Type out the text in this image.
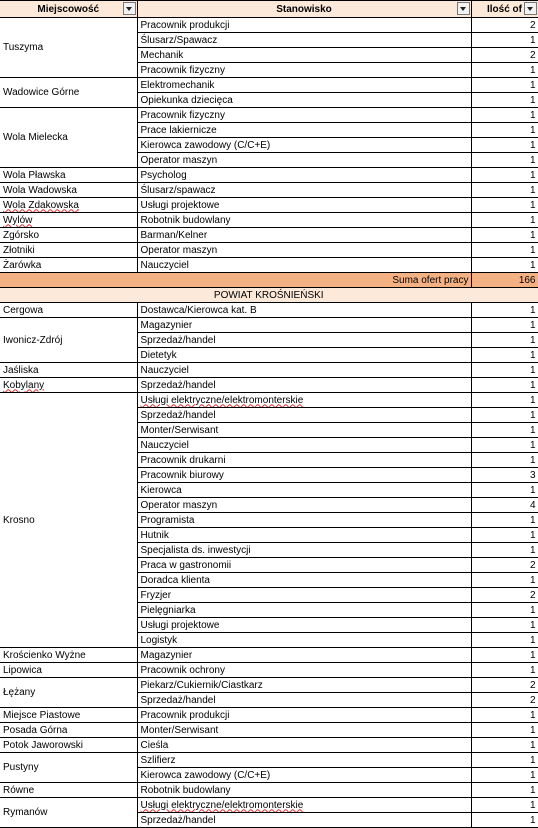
Miejscowość	Stanowisko	Ilość of

Tuszyma	Pracownik produkcji	2
	Ślusarz/Spawacz	1
	Mechanik	2
	Pracownik fizyczny	1
Wadowice Górne	Elektromechanik	1
	Opiekunka dziecięca	1
Wola Mielecka	Pracownik fizyczny	1
	Prace lakiernicze	1
	Kierowca zawodowy (C/C+E)	1
	Operator maszyn	1
Wola Pławska	Psycholog	1
Wola Wadowska	Ślusarz/spawacz	1
Wola Zdakowska	Usługi projektowe	1
Wylów	Robotnik budowlany	1
Zgórsko	Barman/Kelner	1
Złotniki	Operator maszyn	1
Żarówka	Nauczyciel	1
Suma ofert pracy		166
POWIAT KROŚNIEŃSKI		
Cergowa	Dostawca/Kierowca kat. B	1
Iwonicz-Zdrój	Magazynier	1
	Sprzedaż/handel	1
	Dietetyk	1
Jaśliska	Nauczyciel	1
Kobylany	Sprzedaż/handel	1
Krosno	Usługi elektryczne/elektromonterskie	1
	Sprzedaż/handel	1
	Monter/Serwisant	1
	Nauczyciel	1
	Pracownik drukarni	1
	Pracownik biurowy	3
	Kierowca	1
	Operator maszyn	4
	Programista	1
	Hutnik	1
	Specjalista ds. inwestycji	1
	Praca w gastronomii	2
	Doradca klienta	1
	Fryzjer	2
	Pielęgniarka	1
	Usługi projektowe	1
	Logistyk	1
Krościenko Wyżne	Magazynier	1
Lipowica	Pracownik ochrony	1
Łężany	Piekarz/Cukiernik/Ciastkarz	2
	Sprzedaż/handel	2
Miejsce Piastowe	Pracownik produkcji	1
Posada Górna	Monter/Serwisant	1
Potok Jaworowski	Cieśla	1
Pustyny	Szlifierz	1
	Kierowca zawodowy (C/C+E)	1
Równe	Robotnik budowlany	1
Rymanów	Usługi elektryczne/elektromonterskie	1
	Sprzedaż/handel	1
